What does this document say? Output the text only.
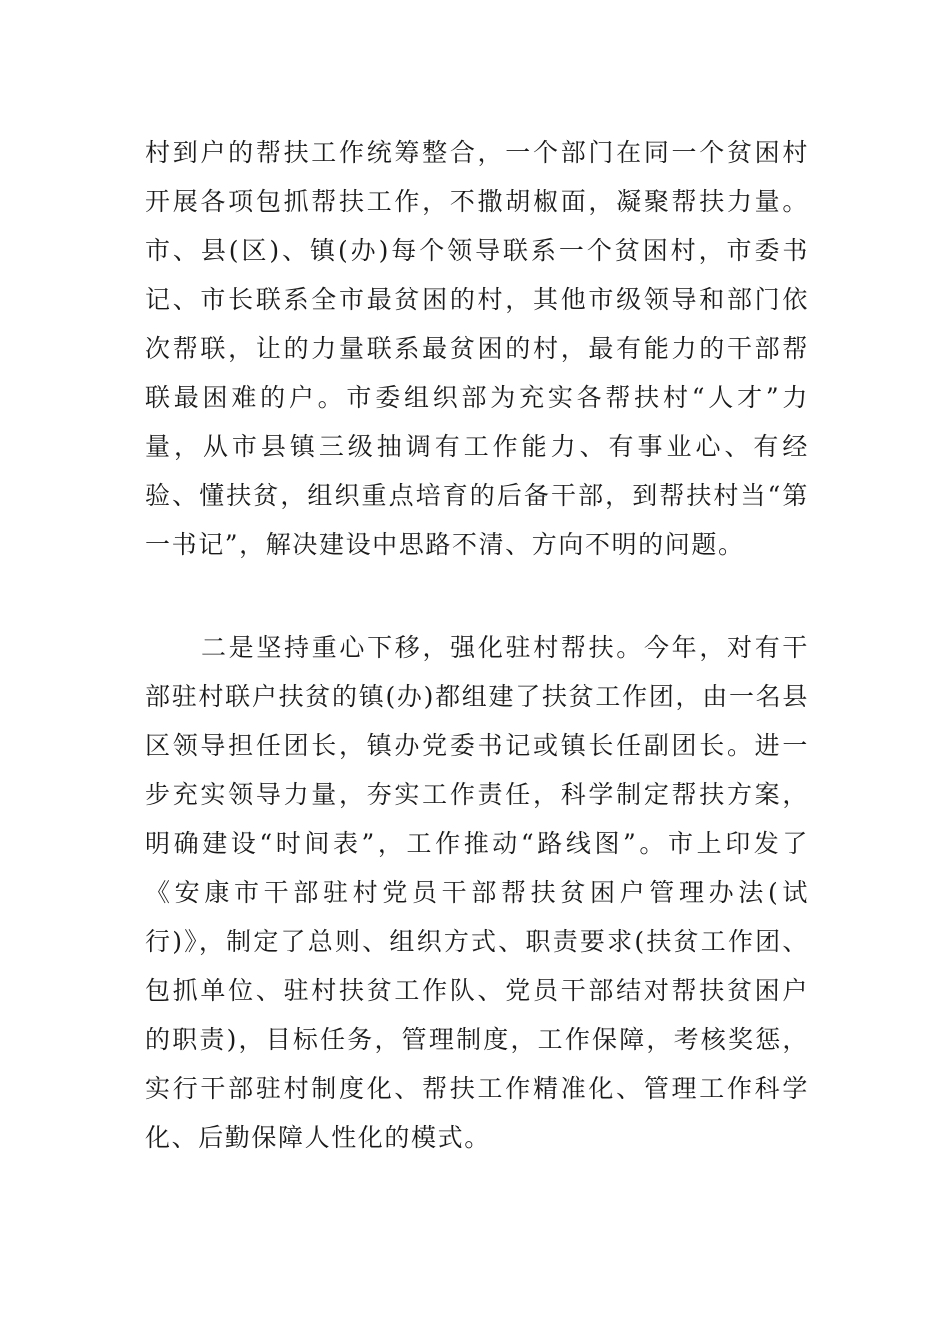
村到户的帮扶工作统筹整合，一个部门在同一个贫困村开展各项包抓帮扶工作，不撒胡椒面，凝聚帮扶力量。市、县(区)、镇(办)每个领导联系一个贫困村，市委书记、市长联系全市最贫困的村，其他市级领导和部门依次帮联，让的力量联系最贫困的村，最有能力的干部帮联最困难的户。市委组织部为充实各帮扶村“人才”力量，从市县镇三级抽调有工作能力、有事业心、有经验、懂扶贫，组织重点培育的后备干部，到帮扶村当“第一书记”，解决建设中思路不清、方向不明的问题。

二是坚持重心下移，强化驻村帮扶。今年，对有干部驻村联户扶贫的镇(办)都组建了扶贫工作团，由一名县区领导担任团长，镇办党委书记或镇长任副团长。进一步充实领导力量，夯实工作责任，科学制定帮扶方案，明确建设“时间表”，工作推动“路线图”。市上印发了《安康市干部驻村党员干部帮扶贫困户管理办法(试行)》，制定了总则、组织方式、职责要求(扶贫工作团、包抓单位、驻村扶贫工作队、党员干部结对帮扶贫困户的职责)，目标任务，管理制度，工作保障，考核奖惩，实行干部驻村制度化、帮扶工作精准化、管理工作科学化、后勤保障人性化的模式。
